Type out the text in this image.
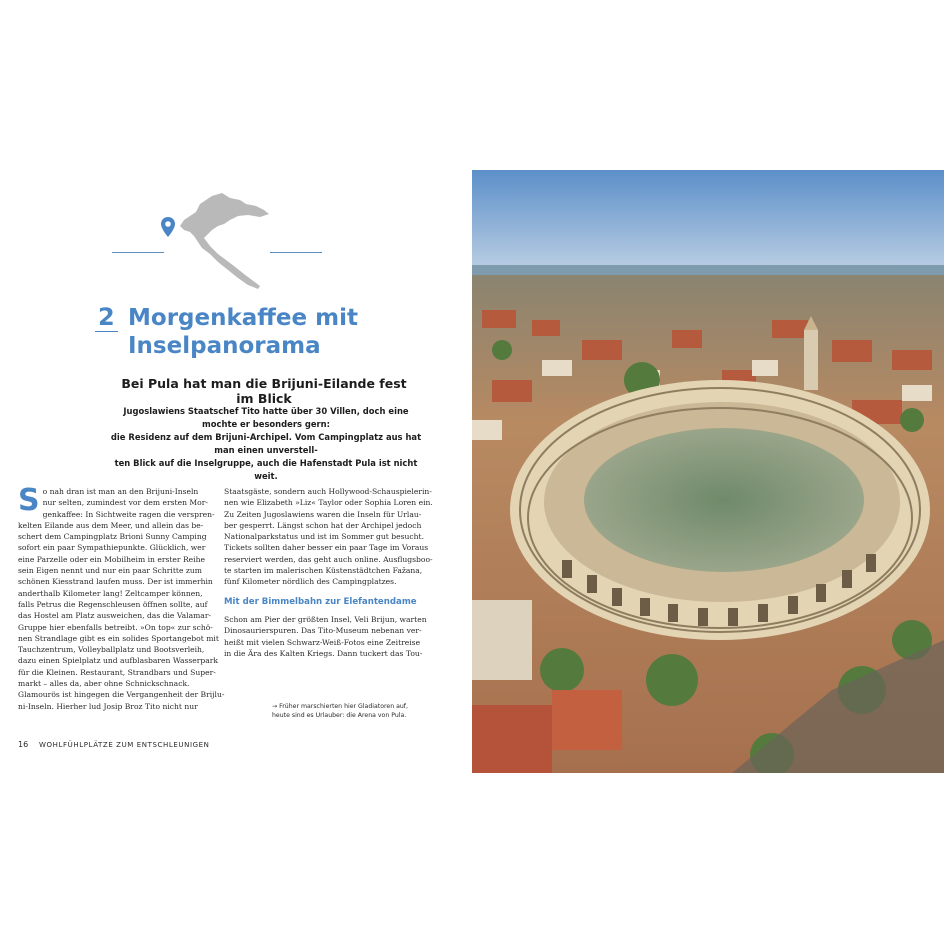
2 Morgenkaffee mit
Inselpanorama
Bei Pula hat man die Brijuni-Eilande fest im Blick
Jugoslawiens Staatschef Tito hatte über 30 Villen, doch eine mochte er besonders gern:
die Residenz auf dem Brijuni-Archipel. Vom Campingplatz aus hat man einen unverstell-
ten Blick auf die Inselgruppe, auch die Hafenstadt Pula ist nicht weit.
S o nah dran ist man an den Brijuni-Inseln

nur selten, zumindest vor dem ersten Mor-

genkaffee: In Sichtweite ragen die verspren-

kelten Eilande aus dem Meer, und allein das be-

schert dem Campingplatz Brioni Sunny Camping

sofort ein paar Sympathiepunkte. Glücklich, wer

eine Parzelle oder ein Mobilheim in erster Reihe

sein Eigen nennt und nur ein paar Schritte zum

schönen Kiesstrand laufen muss. Der ist immerhin

anderthalb Kilometer lang! Zeltcamper können,

falls Petrus die Regenschleusen öffnen sollte, auf

das Hostel am Platz ausweichen, das die Valamar-

Gruppe hier ebenfalls betreibt. »On top« zur schö-

nen Strandlage gibt es ein solides Sportangebot mit

Tauchzentrum, Volleyballplatz und Bootsverleih,

dazu einen Spielplatz und aufblasbaren Wasserpark

für die Kleinen. Restaurant, Strandbars und Super-

markt – alles da, aber ohne Schnickschnack.

Glamourös ist hingegen die Vergangenheit der Brijlu-

ni-Inseln. Hierher lud Josip Broz Tito nicht nur

Staatsgäste, sondern auch Hollywood-Schauspielerin-

nen wie Elizabeth »Liz« Taylor oder Sophia Loren ein.

Zu Zeiten Jugoslawiens waren die Inseln für Urlau-

ber gesperrt. Längst schon hat der Archipel jedoch

Nationalparkstatus und ist im Sommer gut besucht.

Tickets sollten daher besser ein paar Tage im Voraus

reserviert werden, das geht auch online. Ausflugsboo-

te starten im malerischen Küstenstädtchen Fažana,

fünf Kilometer nördlich des Campingplatzes.

Mit der Bimmelbahn zur Elefantendame

Schon am Pier der größten Insel, Veli Brijun, warten

Dinosaurierspuren. Das Tito-Museum nebenan ver-

heißt mit vielen Schwarz-Weiß-Fotos eine Zeitreise

in die Ära des Kalten Kriegs. Dann tuckert das Tou-

→ Früher marschierten hier Gladiatoren auf,
heute sind es Urlauber: die Arena von Pula.
16 WOHLFÜHLPLÄTZE ZUM ENTSCHLEUNIGEN
